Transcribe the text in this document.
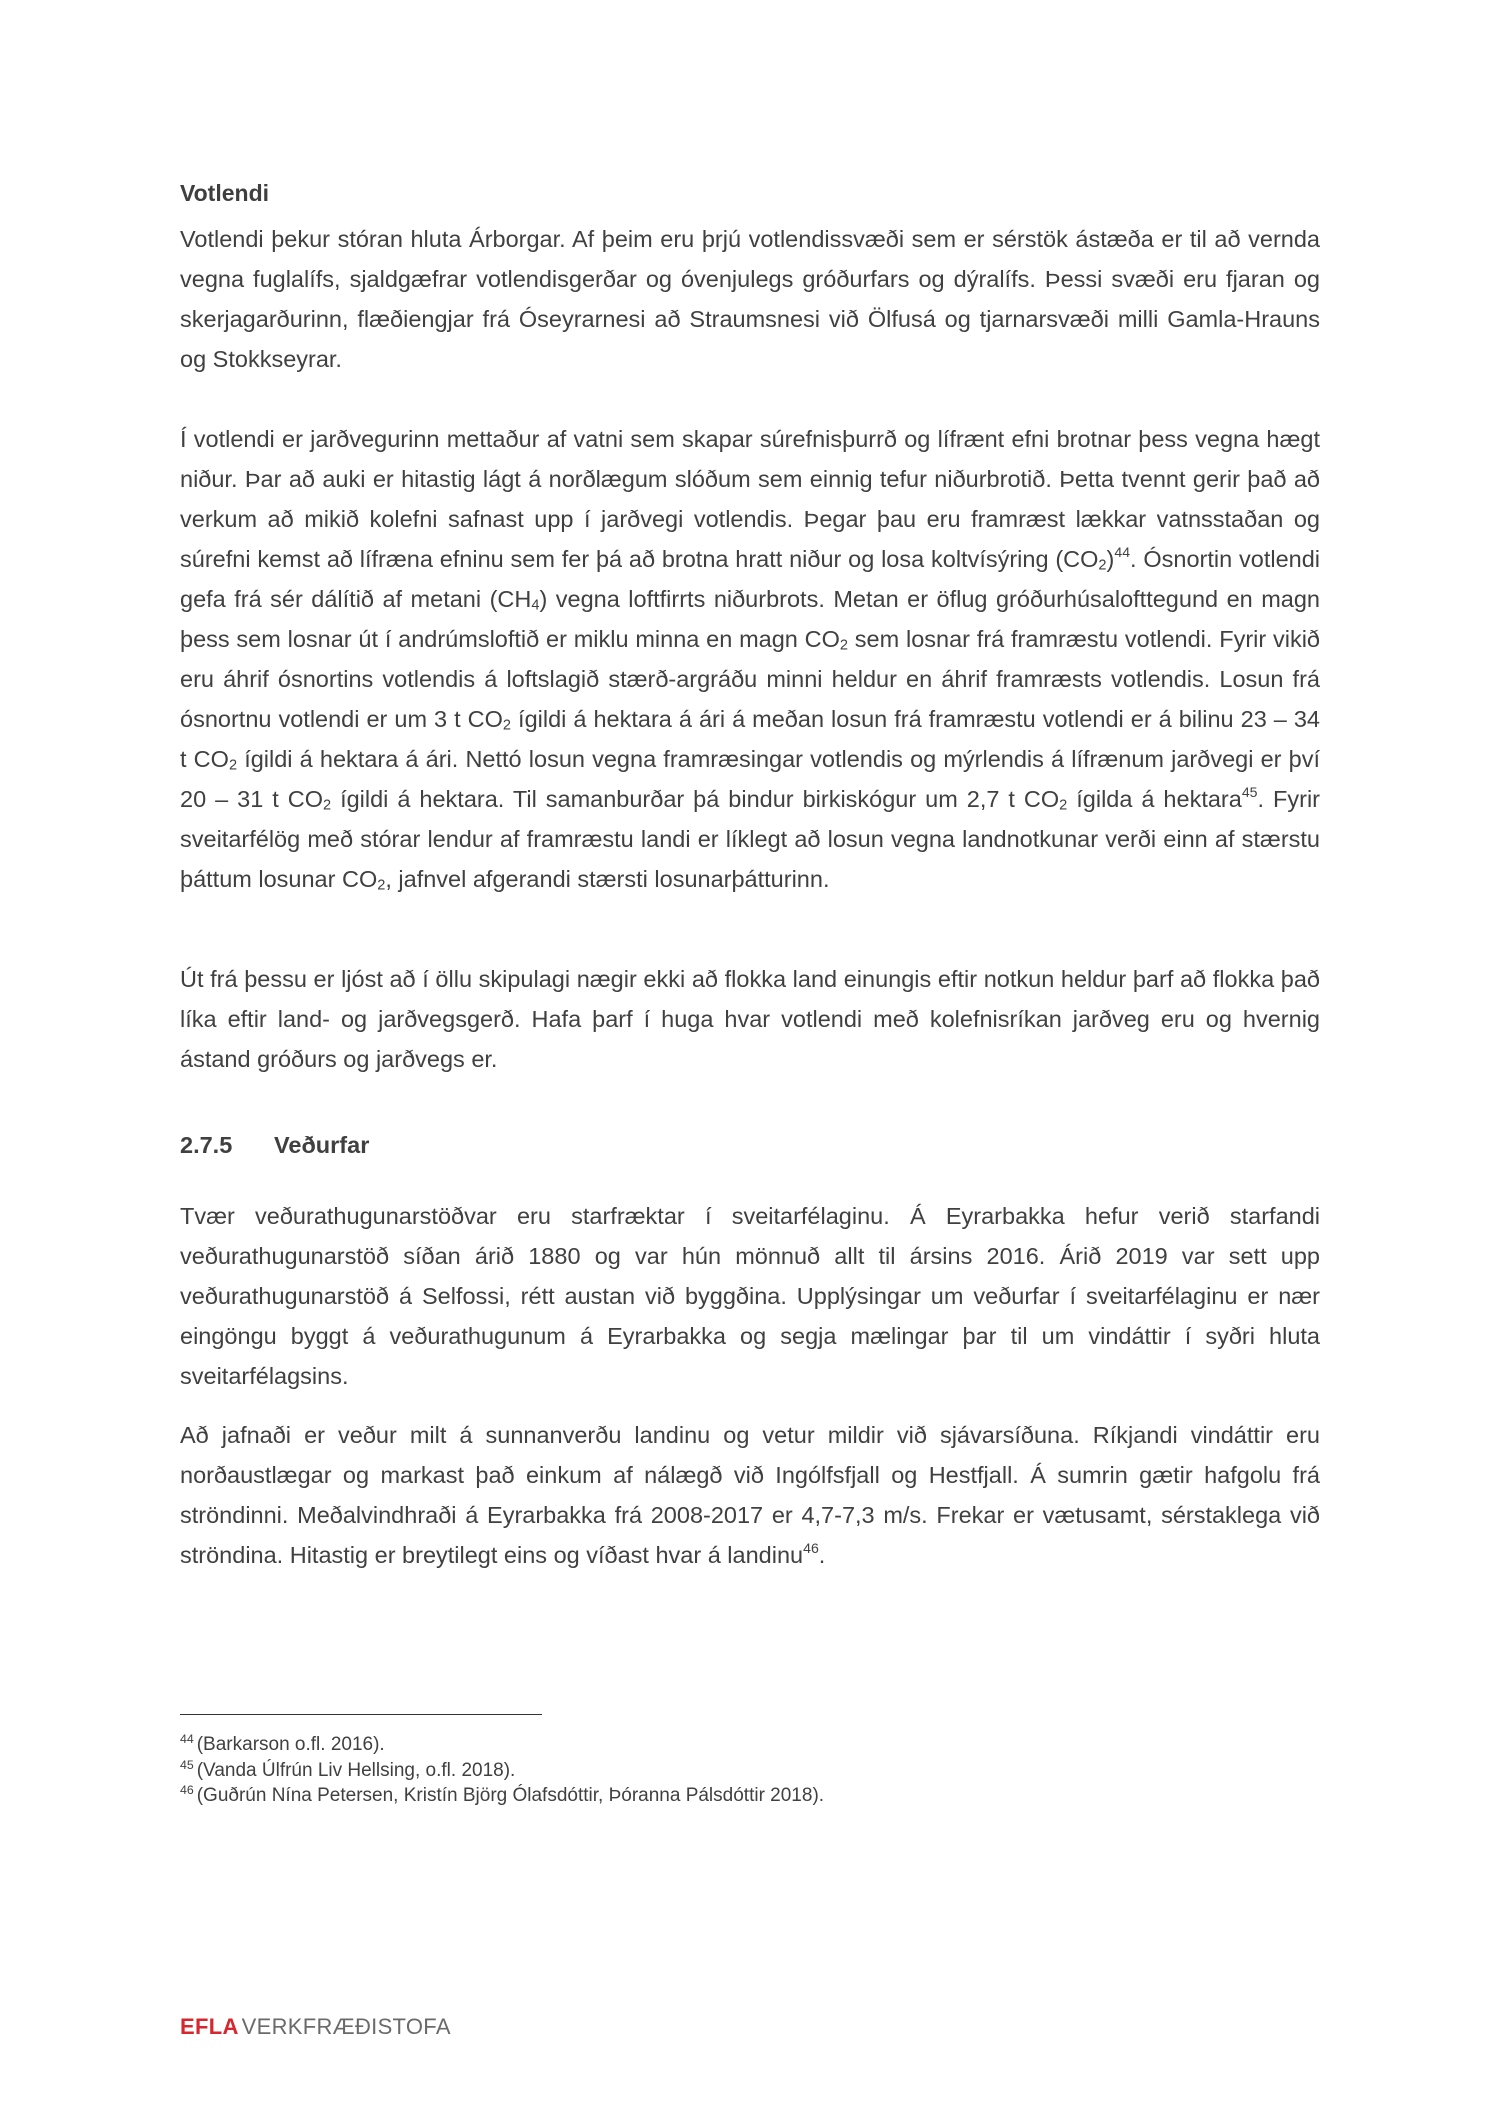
Votlendi

Votlendi þekur stóran hluta Árborgar. Af þeim eru þrjú votlendissvæði sem er sérstök ástæða er til að vernda vegna fuglalífs, sjaldgæfrar votlendisgerðar og óvenjulegs gróðurfars og dýralífs. Þessi svæði eru fjaran og skerjagarðurinn, flæðiengjar frá Óseyrarnesi að Straumsnesi við Ölfusá og tjarnarsvæði milli Gamla-Hrauns og Stokkseyrar.

Í votlendi er jarðvegurinn mettaður af vatni sem skapar súrefnisþurrð og lífrænt efni brotnar þess vegna hægt niður. Þar að auki er hitastig lágt á norðlægum slóðum sem einnig tefur niðurbrotið. Þetta tvennt gerir það að verkum að mikið kolefni safnast upp í jarðvegi votlendis. Þegar þau eru framræst lækkar vatnsstaðan og súrefni kemst að lífræna efninu sem fer þá að brotna hratt niður og losa koltvísýring $(CO_2)^{44}$. Ósnortin votlendi gefa frá sér dálítið af metani $(CH_4)$ vegna loftfirrts niðurbrots. Metan er öflug gróðurhúsalofttegund en magn þess sem losnar út í andrúmsloftið er miklu minna en magn $CO_2$ sem losnar frá framræstu votlendi. Fyrir vikið eru áhrif ósnortins votlendis á loftslagið stærð-argráðu minni heldur en áhrif framræsts votlendis. Losun frá ósnortnu votlendi er um 3 t $CO_2$ ígildi á hektara á ári á meðan losun frá framræstu votlendi er á bilinu 23 – 34 t $CO_2$ ígildi á hektara á ári. Nettó losun vegna framræsingar votlendis og mýrlendis á lífrænum jarðvegi er því 20 – 31 t $CO_2$ ígildi á hektara. Til samanburðar þá bindur birkiskógur um 2,7 t $CO_2$ ígilda á hektara$^{45}$. Fyrir sveitarfélög með stórar lendur af framræstu landi er líklegt að losun vegna landnotkunar verði einn af stærstu þáttum losunar $CO_2$, jafnvel afgerandi stærsti losunarþátturinn.

Út frá þessu er ljóst að í öllu skipulagi nægir ekki að flokka land einungis eftir notkun heldur þarf að flokka það líka eftir land- og jarðvegsgerð. Hafa þarf í huga hvar votlendi með kolefnisríkan jarðveg eru og hvernig ástand gróðurs og jarðvegs er.

2.7.5	Veðurfar

Tvær veðurathugunarstöðvar eru starfræktar í sveitarfélaginu. Á Eyrarbakka hefur verið starfandi veðurathugunarstöð síðan árið 1880 og var hún mönnuð allt til ársins 2016. Árið 2019 var sett upp veðurathugunarstöð á Selfossi, rétt austan við byggðina. Upplýsingar um veðurfar í sveitarfélaginu er nær eingöngu byggt á veðurathugunum á Eyrarbakka og segja mælingar þar til um vindáttir í syðri hluta sveitarfélagsins.

Að jafnaði er veður milt á sunnanverðu landinu og vetur mildir við sjávarsíðuna. Ríkjandi vindáttir eru norðaustlægar og markast það einkum af nálægð við Ingólfsfjall og Hestfjall. Á sumrin gætir hafgolu frá ströndinni. Meðalvindhraði á Eyrarbakka frá 2008-2017 er 4,7-7,3 m/s. Frekar er vætusamt, sérstaklega við ströndina. Hitastig er breytilegt eins og víðast hvar á landinu$^{46}$.

$^{44}$ (Barkarson o.fl. 2016).
$^{45}$ (Vanda Úlfrún Liv Hellsing, o.fl. 2018).
$^{46}$ (Guðrún Nína Petersen, Kristín Björg Ólafsdóttir, Þóranna Pálsdóttir 2018).
EFLA VERKFRÆÐISTOFA
